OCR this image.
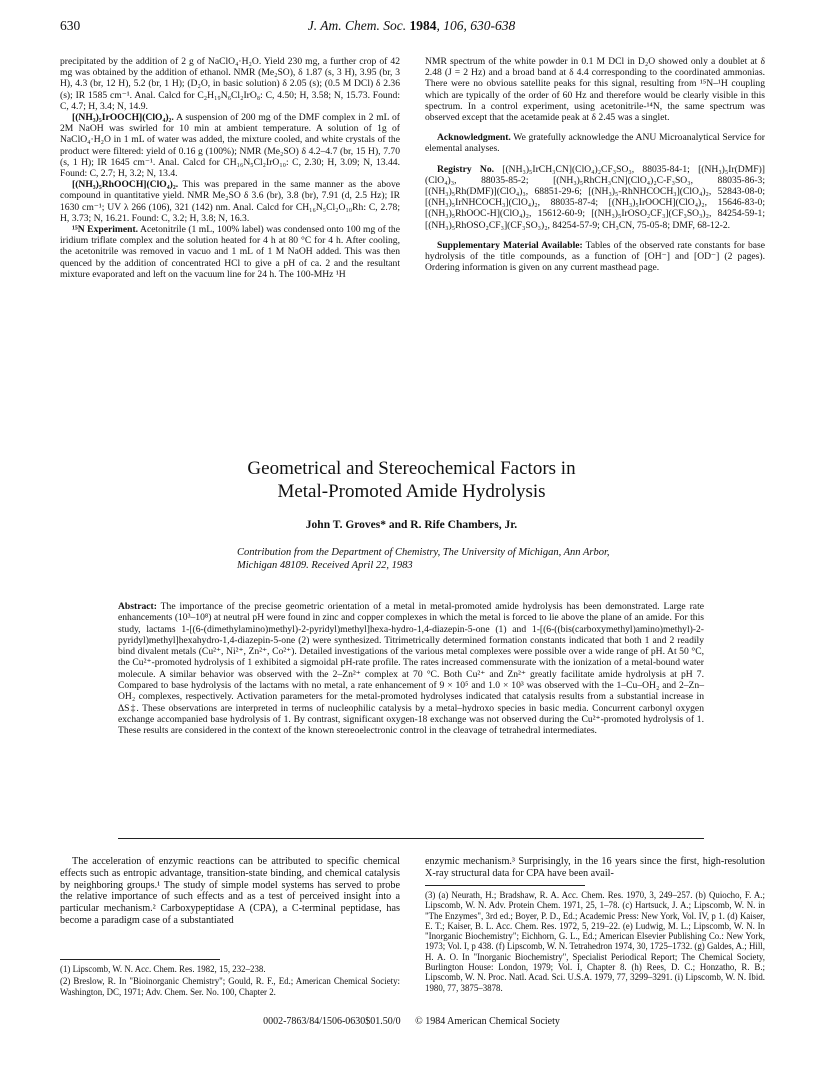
630	J. Am. Chem. Soc. 1984, 106, 630-638

precipitated by the addition of 2 g of NaClO₄·H₂O. Yield 230 mg, a further crop of 42 mg was obtained by the addition of ethanol. NMR (Me₂SO), δ 1.87 (s, 3 H), 3.95 (br, 3 H), 4.3 (br, 12 H), 5.2 (br, 1 H); (D₂O, in basic solution) δ 2.05 (s); (0.5 M DCl) δ 2.36 (s); IR 1585 cm⁻¹. Anal. Calcd for C₂H₁₉N₆Cl₂IrO₈: C, 4.50; H, 3.58; N, 15.73. Found: C, 4.7; H, 3.4; N, 14.9.

[(NH₃)₅IrOOCH](ClO₄)₂. A suspension of 200 mg of the DMF complex in 2 mL of 2M NaOH was swirled for 10 min at ambient temperature. A solution of 1g of NaClO₄·H₂O in 1 mL of water was added, the mixture cooled, and white crystals of the product were filtered: yield of 0.16 g (100%); NMR (Me₂SO) δ 4.2–4.7 (br, 15 H), 7.70 (s, 1 H); IR 1645 cm⁻¹. Anal. Calcd for CH₁₆N₅Cl₂IrO₁₀: C, 2.30; H, 3.09; N, 13.44. Found: C, 2.7; H, 3.2; N, 13.4.

[(NH₃)₅RhOOCH](ClO₄)₂. This was prepared in the same manner as the above compound in quantitative yield. NMR Me₂SO δ 3.6 (br), 3.8 (br), 7.91 (d, 2.5 Hz); IR 1630 cm⁻¹; UV λ 266 (106), 321 (142) nm. Anal. Calcd for CH₁₆N₅Cl₂O₁₀Rh: C, 2.78; H, 3.73; N, 16.21. Found: C, 3.2; H, 3.8; N, 16.3.

¹⁵N Experiment. Acetonitrile (1 mL, 100% label) was condensed onto 100 mg of the iridium triflate complex and the solution heated for 4 h at 80 °C for 4 h. After cooling, the acetonitrile was removed in vacuo and 1 mL of 1 M NaOH added. This was then quenced by the addition of concentrated HCl to give a pH of ca. 2 and the resultant mixture evaporated and left on the vacuum line for 24 h. The 100-MHz ¹H

NMR spectrum of the white powder in 0.1 M DCl in D₂O showed only a doublet at δ 2.48 (J = 2 Hz) and a broad band at δ 4.4 corresponding to the coordinated ammonias. There were no obvious satellite peaks for this signal, resulting from ¹⁵N–¹H coupling which are typically of the order of 60 Hz and therefore would be clearly visible in this spectrum. In a control experiment, using acetonitrile-¹⁴N, the same spectrum was observed except that the acetamide peak at δ 2.45 was a singlet.

Acknowledgment. We gratefully acknowledge the ANU Microanalytical Service for elemental analyses.

Registry No. [(NH₃)₅IrCH₃CN](ClO₄)₂CF₃SO₃, 88035-84-1; [(NH₃)₅Ir(DMF)](ClO₄)₃, 88035-85-2; [(NH₃)₅RhCH₃CN](ClO₄)₂C-F₃SO₃, 88035-86-3; [(NH₃)₅Rh(DMF)](ClO₄)₃, 68851-29-6; [(NH₃)₅-RhNHCOCH₃](ClO₄)₂, 52843-08-0; [(NH₃)₅IrNHCOCH₃](ClO₄)₂, 88035-87-4; [(NH₃)₅IrOOCH](ClO₄)₂, 15646-83-0; [(NH₃)₅RhOOC-H](ClO₄)₂, 15612-60-9; [(NH₃)₅IrOSO₂CF₃](CF₃SO₃)₂, 84254-59-1; [(NH₃)₅RhOSO₂CF₃](CF₃SO₃)₂, 84254-57-9; CH₃CN, 75-05-8; DMF, 68-12-2.

Supplementary Material Available: Tables of the observed rate constants for base hydrolysis of the title compounds, as a function of [OH⁻] and [OD⁻] (2 pages). Ordering information is given on any current masthead page.

Geometrical and Stereochemical Factors in
Metal-Promoted Amide Hydrolysis
John T. Groves* and R. Rife Chambers, Jr.
Contribution from the Department of Chemistry, The University of Michigan, Ann Arbor,
Michigan 48109. Received April 22, 1983
Abstract: The importance of the precise geometric orientation of a metal in metal-promoted amide hydrolysis has been demonstrated. Large rate enhancements (10³–10⁸) at neutral pH were found in zinc and copper complexes in which the metal is forced to lie above the plane of an amide. For this study, lactams 1-[(6-(dimethylamino)methyl)-2-pyridyl)methyl]hexa-hydro-1,4-diazepin-5-one (1) and 1-[(6-((bis(carboxymethyl)amino)methyl)-2-pyridyl)methyl]hexahydro-1,4-diazepin-5-one (2) were synthesized. Titrimetrically determined formation constants indicated that both 1 and 2 readily bind divalent metals (Cu²⁺, Ni²⁺, Zn²⁺, Co²⁺). Detailed investigations of the various metal complexes were possible over a wide range of pH. At 50 °C, the Cu²⁺-promoted hydrolysis of 1 exhibited a sigmoidal pH-rate profile. The rates increased commensurate with the ionization of a metal-bound water molecule. A similar behavior was observed with the 2–Zn²⁺ complex at 70 °C. Both Cu²⁺ and Zn²⁺ greatly facilitate amide hydrolysis at pH 7. Compared to base hydrolysis of the lactams with no metal, a rate enhancement of 9 × 10⁵ and 1.0 × 10³ was observed with the 1–Cu–OH₂ and 2–Zn–OH₂ complexes, respectively. Activation parameters for the metal-promoted hydrolyses indicated that catalysis results from a substantial increase in ΔS‡. These observations are interpreted in terms of nucleophilic catalysis by a metal–hydroxo species in basic media. Concurrent carbonyl oxygen exchange accompanied base hydrolysis of 1. By contrast, significant oxygen-18 exchange was not observed during the Cu²⁺-promoted hydrolysis of 1. These results are considered in the context of the known stereoelectronic control in the cleavage of tetrahedral intermediates.

The acceleration of enzymic reactions can be attributed to specific chemical effects such as entropic advantage, transition-state binding, and chemical catalysis by neighboring groups.¹ The study of simple model systems has served to probe the relative importance of such effects and as a test of perceived insight into a particular mechanism.² Carboxypeptidase A (CPA), a C-terminal peptidase, has become a paradigm case of a substantiated

enzymic mechanism.³ Surprisingly, in the 16 years since the first, high-resolution X-ray structural data for CPA have been avail-

(1) Lipscomb, W. N. Acc. Chem. Res. 1982, 15, 232–238.

(2) Breslow, R. In "Bioinorganic Chemistry"; Gould, R. F., Ed.; American Chemical Society: Washington, DC, 1971; Adv. Chem. Ser. No. 100, Chapter 2.

(3) (a) Neurath, H.; Bradshaw, R. A. Acc. Chem. Res. 1970, 3, 249–257. (b) Quiocho, F. A.; Lipscomb, W. N. Adv. Protein Chem. 1971, 25, 1–78. (c) Hartsuck, J. A.; Lipscomb, W. N. in "The Enzymes", 3rd ed.; Boyer, P. D., Ed.; Academic Press: New York, Vol. IV, p 1. (d) Kaiser, E. T.; Kaiser, B. L. Acc. Chem. Res. 1972, 5, 219–22. (e) Ludwig, M. L.; Lipscomb, W. N. In "Inorganic Biochemistry"; Eichhorn, G. L., Ed.; American Elsevier Publishing Co.: New York, 1973; Vol. I, p 438. (f) Lipscomb, W. N. Tetrahedron 1974, 30, 1725–1732. (g) Galdes, A.; Hill, H. A. O. In "Inorganic Biochemistry", Specialist Periodical Report; The Chemical Society, Burlington House: London, 1979; Vol. I, Chapter 8. (h) Rees, D. C.; Honzatho, R. B.; Lipscomb, W. N. Proc. Natl. Acad. Sci. U.S.A. 1979, 77, 3299–3291. (i) Lipscomb, W. N. Ibid. 1980, 77, 3875–3878.

0002-7863/84/1506-0630$01.50/0 © 1984 American Chemical Society
